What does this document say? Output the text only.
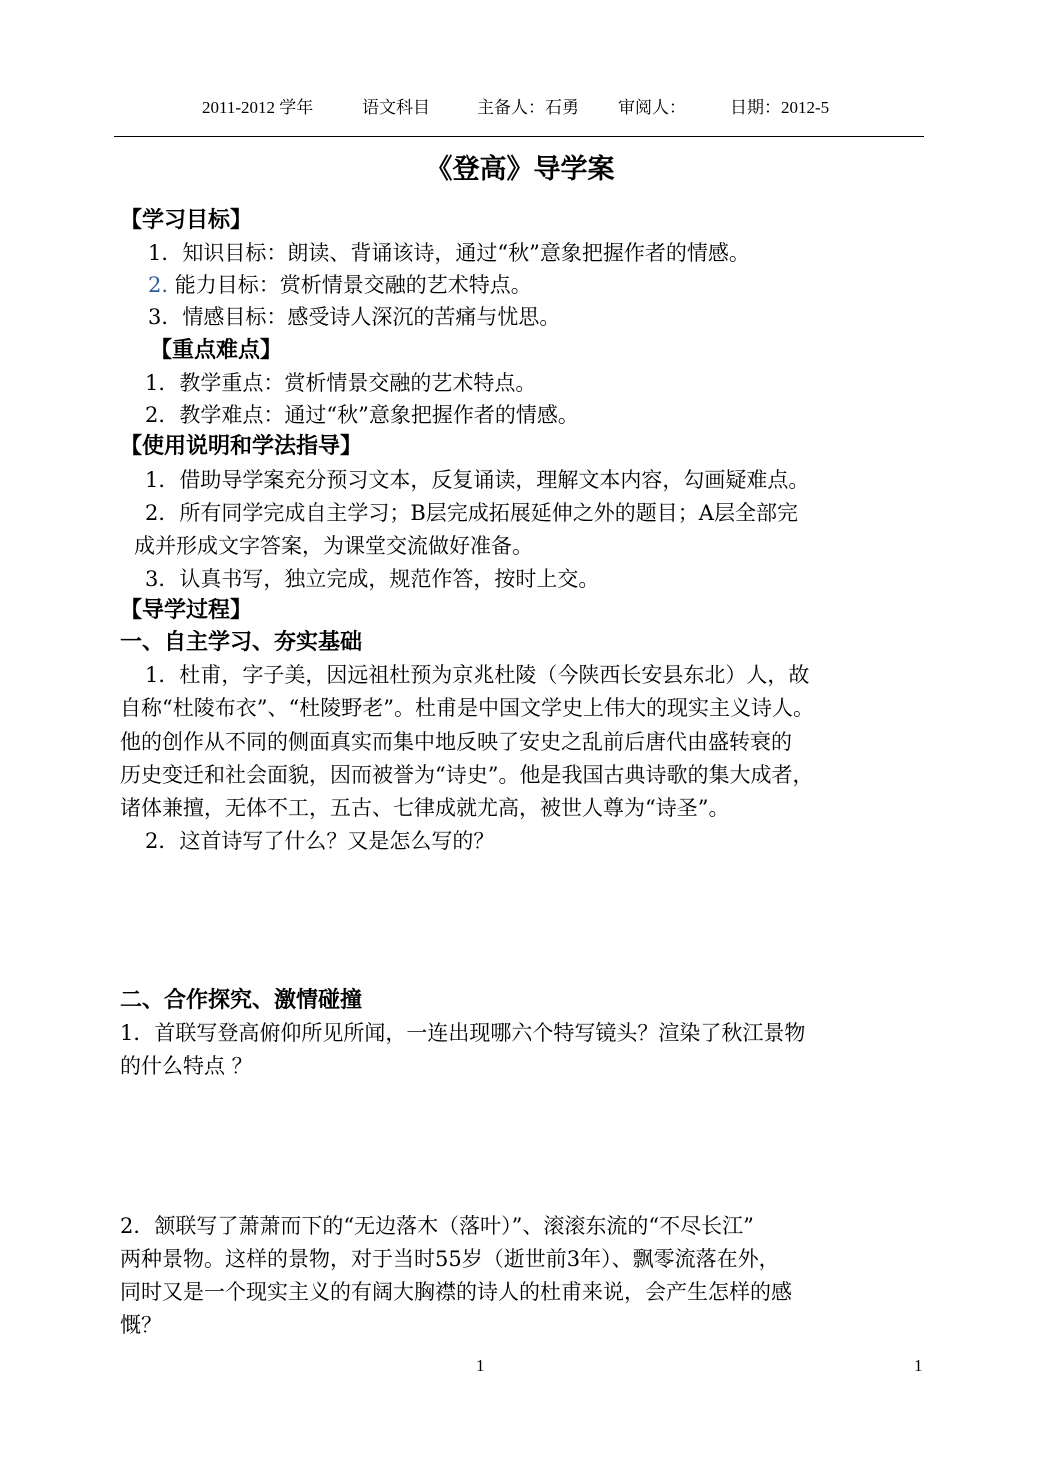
2011-2012 学年	语文科目	主备人：石勇 审阅人：	日期：2012-5
《登高》导学案
【学习目标】
1．知识目标：朗读、背诵该诗，通过“秋”意象把握作者的情感。
2. 能力目标：赏析情景交融的艺术特点。
3．情感目标：感受诗人深沉的苦痛与忧思。
【重点难点】
1．教学重点：赏析情景交融的艺术特点。
2．教学难点：通过“秋”意象把握作者的情感。
【使用说明和学法指导】
1．借助导学案充分预习文本，反复诵读，理解文本内容，勾画疑难点。
2．所有同学完成自主学习；B层完成拓展延伸之外的题目；A层全部完
成并形成文字答案，为课堂交流做好准备。
3．认真书写，独立完成，规范作答，按时上交。
【导学过程】
一、自主学习、夯实基础
1．杜甫，字子美，因远祖杜预为京兆杜陵（今陕西长安县东北）人，故
自称“杜陵布衣”、“杜陵野老”。杜甫是中国文学史上伟大的现实主义诗人。
他的创作从不同的侧面真实而集中地反映了安史之乱前后唐代由盛转衰的
历史变迁和社会面貌，因而被誉为“诗史”。他是我国古典诗歌的集大成者，
诸体兼擅，无体不工，五古、七律成就尤高，被世人尊为“诗圣”。
2．这首诗写了什么？又是怎么写的？
二、合作探究、激情碰撞
1．首联写登高俯仰所见所闻，一连出现哪六个特写镜头？渲染了秋江景物
的什么特点 ？
2．颔联写了萧萧而下的“无边落木（落叶）”、滚滚东流的“不尽长江”
两种景物。这样的景物，对于当时55岁（逝世前3年）、飘零流落在外，
同时又是一个现实主义的有阔大胸襟的诗人的杜甫来说，会产生怎样的感
慨？
1	1
